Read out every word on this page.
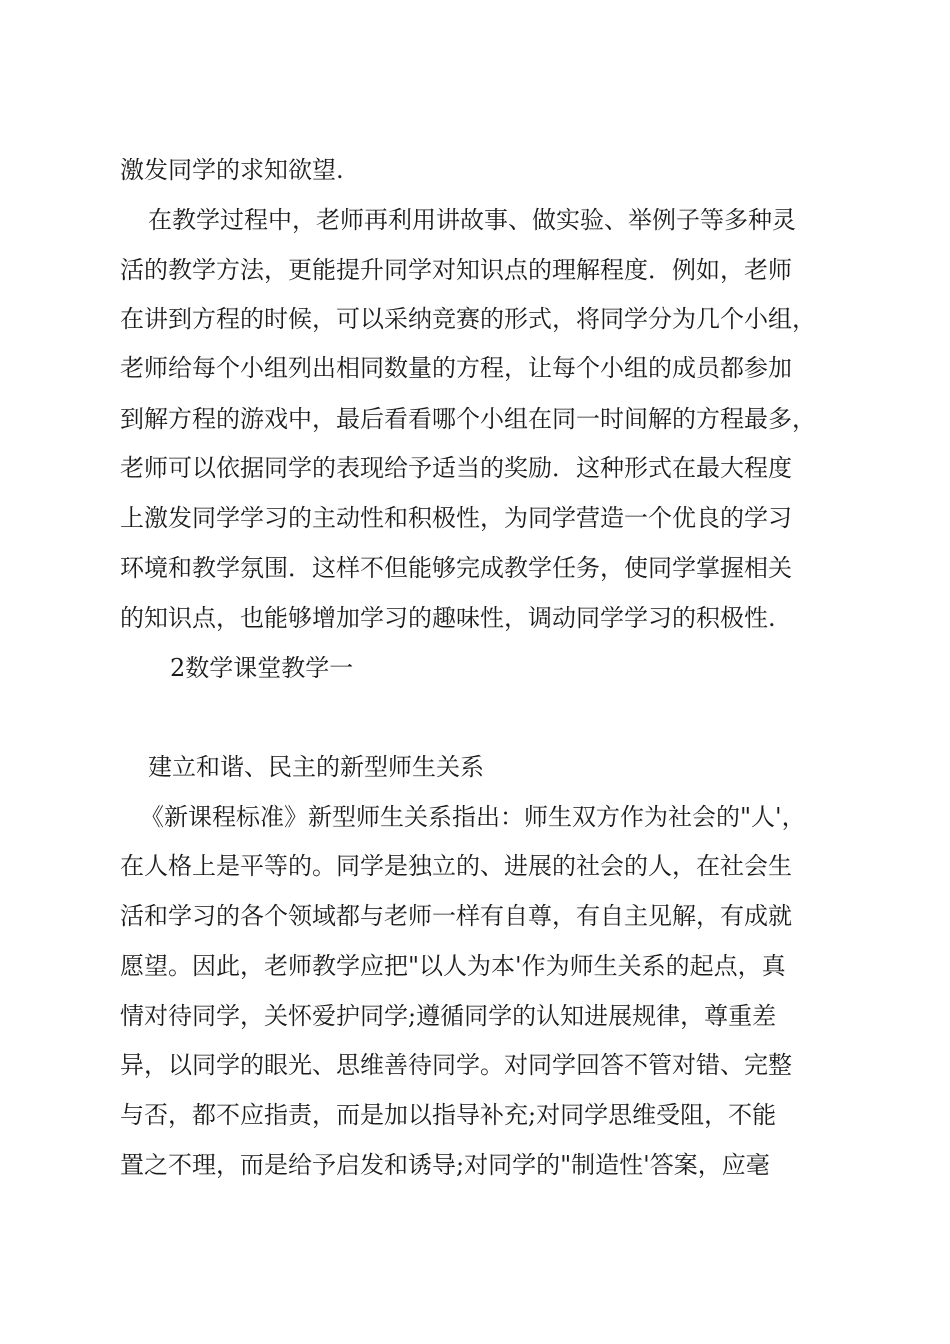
激发同学的求知欲望.
在教学过程中，老师再利用讲故事、做实验、举例子等多种灵
活的教学方法，更能提升同学对知识点的理解程度．例如，老师
在讲到方程的时候，可以采纳竞赛的形式，将同学分为几个小组，
老师给每个小组列出相同数量的方程，让每个小组的成员都参加
到解方程的游戏中，最后看看哪个小组在同一时间解的方程最多，
老师可以依据同学的表现给予适当的奖励．这种形式在最大程度
上激发同学学习的主动性和积极性，为同学营造一个优良的学习
环境和教学氛围．这样不但能够完成教学任务，使同学掌握相关
的知识点，也能够增加学习的趣味性，调动同学学习的积极性.
2数学课堂教学一
建立和谐、民主的新型师生关系
《新课程标准》新型师生关系指出：师生双方作为社会的"人'，
在人格上是平等的。同学是独立的、进展的社会的人，在社会生
活和学习的各个领域都与老师一样有自尊，有自主见解，有成就
愿望。因此，老师教学应把"以人为本'作为师生关系的起点，真
情对待同学，关怀爱护同学;遵循同学的认知进展规律，尊重差
异，以同学的眼光、思维善待同学。对同学回答不管对错、完整
与否，都不应指责，而是加以指导补充;对同学思维受阻，不能
置之不理，而是给予启发和诱导;对同学的"制造性'答案，应毫
